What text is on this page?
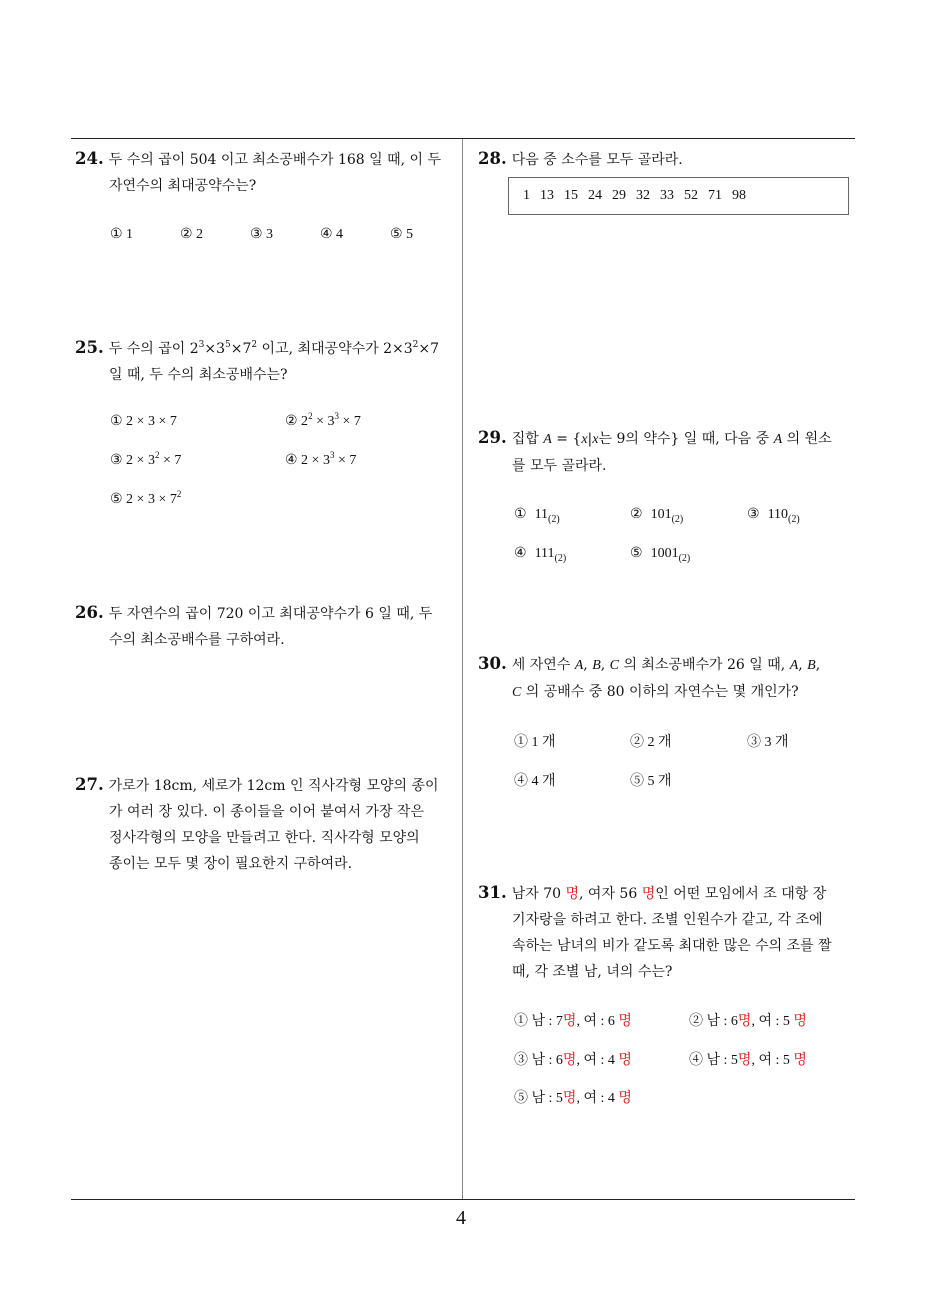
24. 두 수의 곱이 504 이고 최소공배수가 168 일 때, 이 두
자연수의 최대공약수는?
① 1	② 2	③ 3	④ 4	⑤ 5
25. 두 수의 곱이 $2^3\times 3^5\times 7^2$ 이고, 최대공약수가 $2\times 3^2\times 7$
일 때, 두 수의 최소공배수는?
① 2 × 3 × 7	② $2^2 \times 3^3 \times 7$
③ $2 \times 3^2 \times 7$	④ $2 \times 3^3 \times 7$
⑤ $2 \times 3 \times 7^2$
26. 두 자연수의 곱이 720 이고 최대공약수가 6 일 때, 두
수의 최소공배수를 구하여라.
27. 가로가 18cm, 세로가 12cm 인 직사각형 모양의 종이
가 여러 장 있다. 이 종이들을 이어 붙여서 가장 작은
정사각형의 모양을 만들려고 한다. 직사각형 모양의
종이는 모두 몇 장이 필요한지 구하여라.
28. 다음 중 소수를 모두 골라라.
1 13 15 24 29 32 33 52 71 98
29. 집합 A = {x|x는 9의 약수} 일 때, 다음 중 A 의 원소
를 모두 골라라.
① $11_{(2)}$	② $101_{(2)}$	③ $110_{(2)}$
④ $111_{(2)}$	⑤ $1001_{(2)}$
30. 세 자연수 A, B, C 의 최소공배수가 26 일 때, A, B,
C 의 공배수 중 80 이하의 자연수는 몇 개인가?
① 1 개	② 2 개	③ 3 개
④ 4 개	⑤ 5 개
31. 남자 70 명, 여자 56 명인 어떤 모임에서 조 대항 장
기자랑을 하려고 한다. 조별 인원수가 같고, 각 조에
속하는 남녀의 비가 같도록 최대한 많은 수의 조를 짤
때, 각 조별 남, 녀의 수는?
① 남 : 7명, 여 : 6 명	② 남 : 6명, 여 : 5 명
③ 남 : 6명, 여 : 4 명	④ 남 : 5명, 여 : 5 명
⑤ 남 : 5명, 여 : 4 명
4
